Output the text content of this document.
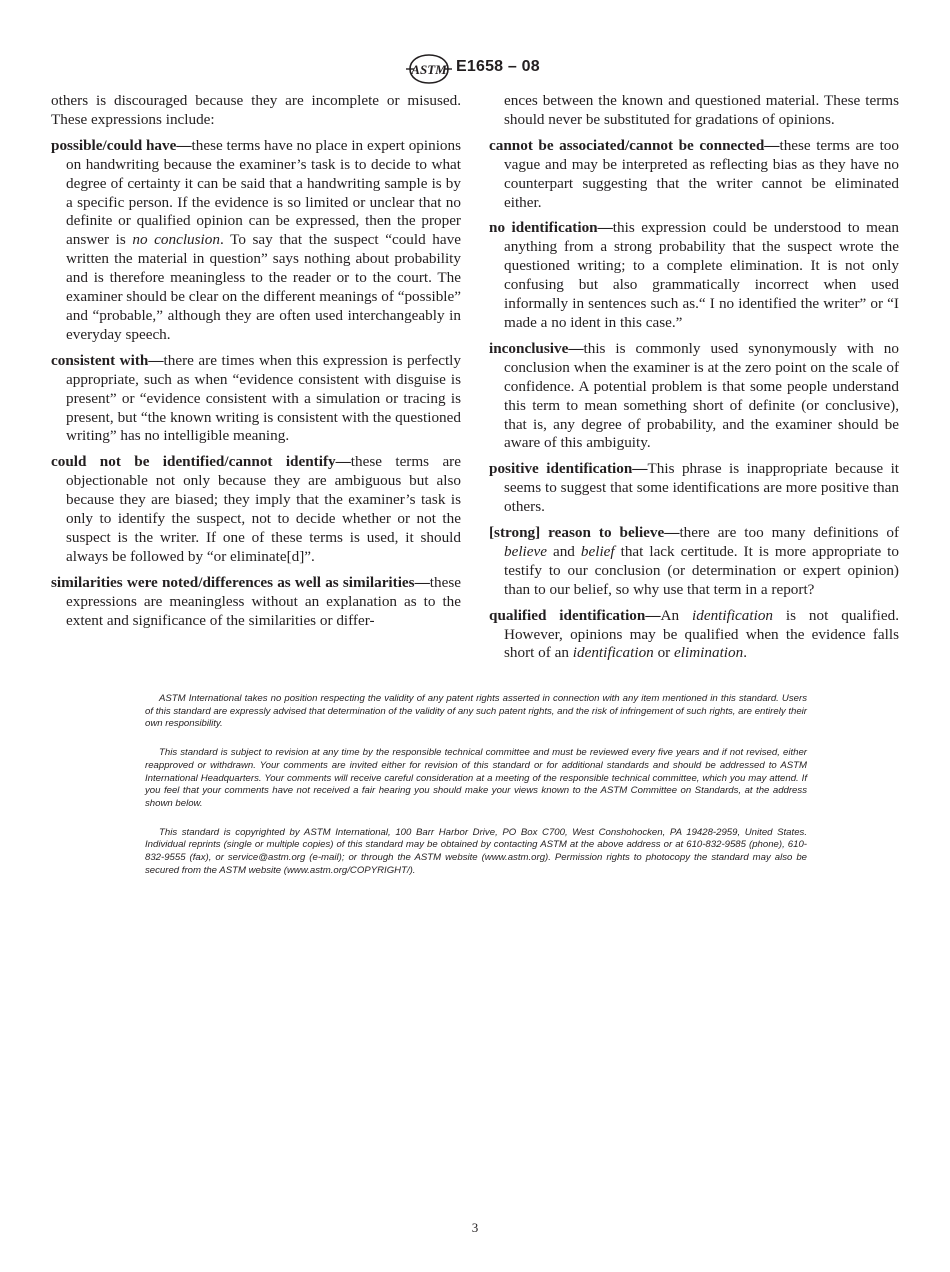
ASTM E1658 – 08

others is discouraged because they are incomplete or misused. These expressions include:

possible/could have—these terms have no place in expert opinions on handwriting because the examiner’s task is to decide to what degree of certainty it can be said that a handwriting sample is by a specific person. If the evidence is so limited or unclear that no definite or qualified opinion can be expressed, then the proper answer is no conclusion. To say that the suspect “could have written the material in question” says nothing about probability and is therefore meaningless to the reader or to the court. The examiner should be clear on the different meanings of “possible” and “probable,” although they are often used interchangeably in everyday speech.

consistent with—there are times when this expression is perfectly appropriate, such as when “evidence consistent with disguise is present” or “evidence consistent with a simulation or tracing is present, but “the known writing is consistent with the questioned writing” has no intelligible meaning.

could not be identified/cannot identify—these terms are objectionable not only because they are ambiguous but also because they are biased; they imply that the examiner’s task is only to identify the suspect, not to decide whether or not the suspect is the writer. If one of these terms is used, it should always be followed by “or eliminate[d]”.

similarities were noted/differences as well as similarities—these expressions are meaningless without an explanation as to the extent and significance of the similarities or differ-

ences between the known and questioned material. These terms should never be substituted for gradations of opinions.

cannot be associated/cannot be connected—these terms are too vague and may be interpreted as reflecting bias as they have no counterpart suggesting that the writer cannot be eliminated either.

no identification—this expression could be understood to mean anything from a strong probability that the suspect wrote the questioned writing; to a complete elimination. It is not only confusing but also grammatically incorrect when used informally in sentences such as.“ I no identified the writer” or “I made a no ident in this case.”

inconclusive—this is commonly used synonymously with no conclusion when the examiner is at the zero point on the scale of confidence. A potential problem is that some people understand this term to mean something short of definite (or conclusive), that is, any degree of probability, and the examiner should be aware of this ambiguity.

positive identification—This phrase is inappropriate because it seems to suggest that some identifications are more positive than others.

[strong] reason to believe—there are too many definitions of believe and belief that lack certitude. It is more appropriate to testify to our conclusion (or determination or expert opinion) than to our belief, so why use that term in a report?

qualified identification—An identification is not qualified. However, opinions may be qualified when the evidence falls short of an identification or elimination.

ASTM International takes no position respecting the validity of any patent rights asserted in connection with any item mentioned in this standard. Users of this standard are expressly advised that determination of the validity of any such patent rights, and the risk of infringement of such rights, are entirely their own responsibility.

This standard is subject to revision at any time by the responsible technical committee and must be reviewed every five years and if not revised, either reapproved or withdrawn. Your comments are invited either for revision of this standard or for additional standards and should be addressed to ASTM International Headquarters. Your comments will receive careful consideration at a meeting of the responsible technical committee, which you may attend. If you feel that your comments have not received a fair hearing you should make your views known to the ASTM Committee on Standards, at the address shown below.

This standard is copyrighted by ASTM International, 100 Barr Harbor Drive, PO Box C700, West Conshohocken, PA 19428-2959, United States. Individual reprints (single or multiple copies) of this standard may be obtained by contacting ASTM at the above address or at 610-832-9585 (phone), 610-832-9555 (fax), or service@astm.org (e-mail); or through the ASTM website (www.astm.org). Permission rights to photocopy the standard may also be secured from the ASTM website (www.astm.org/COPYRIGHT/).

3
